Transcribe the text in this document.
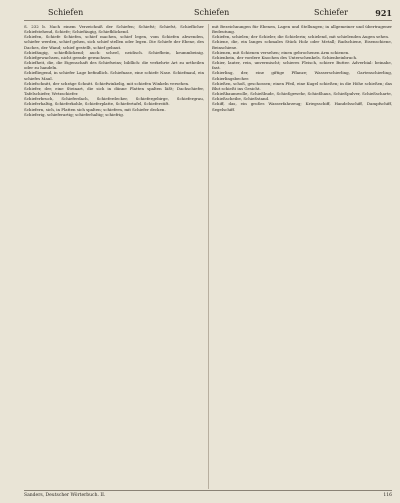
Schiefen	Schiefen	Schiefer	921

S. 232 b. Nach einem Verzeichniß der Schiefen; Schiefst; Schiefst, Schieflicher Schiefstehend, Schiefe; Schiefäugig, Schiefblickend.

Schiefen, Schiefe Schiefen, schief machen, schief legen, vom Schiefen abwenden, schiefer werden, schief gehen, sich schief stellen oder legen. Die Schiefe der Ebene, des Daches, der Wand; schief gestellt, schief gebaut.

Schiefäugig, schiefblickend; auch: scheel, neidisch. Schiefbein, krummbeinig. Schiefgewachsen, nicht gerade gewachsen.

Schiefheit, die, die Eigenschaft des Schiefseins; bildlich: die verkehrte Art zu urtheilen oder zu handeln.

Schiefliegend, in schiefer Lage befindlich. Schiefnase, eine schiefe Nase. Schiefmaul, ein schiefes Maul.

Schiefschnitt, der schräge Schnitt. Schiefwinkelig, mit schiefen Winkeln versehen.

Schiefer, der, eine Steinart, die sich in dünne Platten spalten läßt; Dachschiefer, Tafelschiefer, Wetzschiefer.

Schieferbruch, Schieferdach, Schieferdecker, Schiefergebirge, Schiefergrau, Schieferhaltig, Schieferkohle, Schieferplatte, Schiefertafel, Schieferstift.

Schiefern, sich, in Platten sich spalten; schiefern, mit Schiefer decken.

Schieferig, schieferartig; schieferhaltig; schiefrig.

mit Bezeichnungen für Ebenen, Lagen und Stellungen; in allgemeiner und übertragener Bedeutung.

Schiefen, schielen; der Schieler, die Schielerin; schielend, mit schielenden Augen sehen.

Schiene, die, ein langes schmales Stück Holz oder Metall; Radschiene, Eisenschiene, Beinschiene.

Schienen, mit Schienen versehen; einen gebrochenen Arm schienen.

Schienbein, der vordere Knochen des Unterschenkels. Schienbeinbruch.

Schier, lauter, rein, unvermischt; schieres Fleisch, schiere Butter. Adverbial: beinahe, fast.

Schierling, der, eine giftige Pflanze; Wasserschierling, Gartenschierling, Schierlingsbecher.

Schießen, schoß, geschossen; einen Pfeil, eine Kugel schießen; in die Höhe schießen; das Blut schießt ins Gesicht.

Schießbaumwolle, Schießbude, Schießgewehr, Schießhaus, Schießpulver, Schießscharte, Schießscheibe, Schießstand.

Schiff, das, ein großes Wasserfahrzeug; Kriegsschiff, Handelsschiff, Dampfschiff, Segelschiff.

Sanders, Deutscher Wörterbuch. II.	116
